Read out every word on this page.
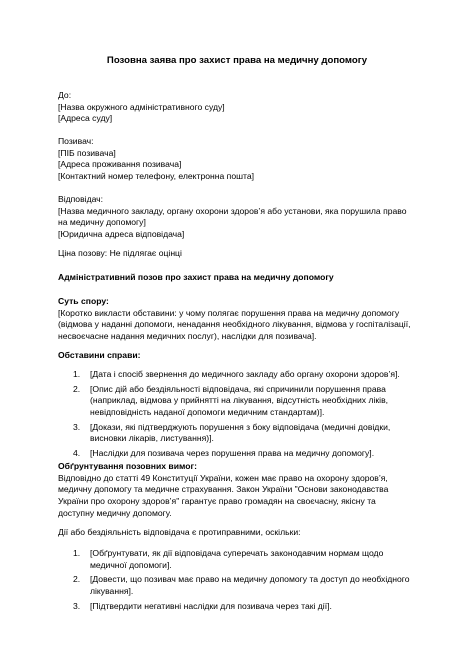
Позовна заява про захист права на медичну допомогу
До:
[Назва окружного адміністративного суду]
[Адреса суду]
Позивач:
[ПІБ позивача]
[Адреса проживання позивача]
[Контактний номер телефону, електронна пошта]
Відповідач:
[Назва медичного закладу, органу охорони здоров’я або установи, яка порушила право
на медичну допомогу]
[Юридична адреса відповідача]
Ціна позову: Не підлягає оцінці
Адміністративний позов про захист права на медичну допомогу
Суть спору:
[Коротко викласти обставини: у чому полягає порушення права на медичну допомогу
(відмова у наданні допомоги, ненадання необхідного лікування, відмова у госпіталізації,
несвоєчасне надання медичних послуг), наслідки для позивача].
Обставини справи:
1. [Дата і спосіб звернення до медичного закладу або органу охорони здоров’я].
2. [Опис дій або бездіяльності відповідача, які спричинили порушення права
(наприклад, відмова у прийнятті на лікування, відсутність необхідних ліків,
невідповідність наданої допомоги медичним стандартам)].
3. [Докази, які підтверджують порушення з боку відповідача (медичні довідки,
висновки лікарів, листування)].
4. [Наслідки для позивача через порушення права на медичну допомогу].
Обґрунтування позовних вимог:
Відповідно до статті 49 Конституції України, кожен має право на охорону здоров’я,
медичну допомогу та медичне страхування. Закон України "Основи законодавства
України про охорону здоров’я" гарантує право громадян на своєчасну, якісну та
доступну медичну допомогу.
Дії або бездіяльність відповідача є протиправними, оскільки:
1. [Обґрунтувати, як дії відповідача суперечать законодавчим нормам щодо
медичної допомоги].
2. [Довести, що позивач має право на медичну допомогу та доступ до необхідного
лікування].
3. [Підтвердити негативні наслідки для позивача через такі дії].
